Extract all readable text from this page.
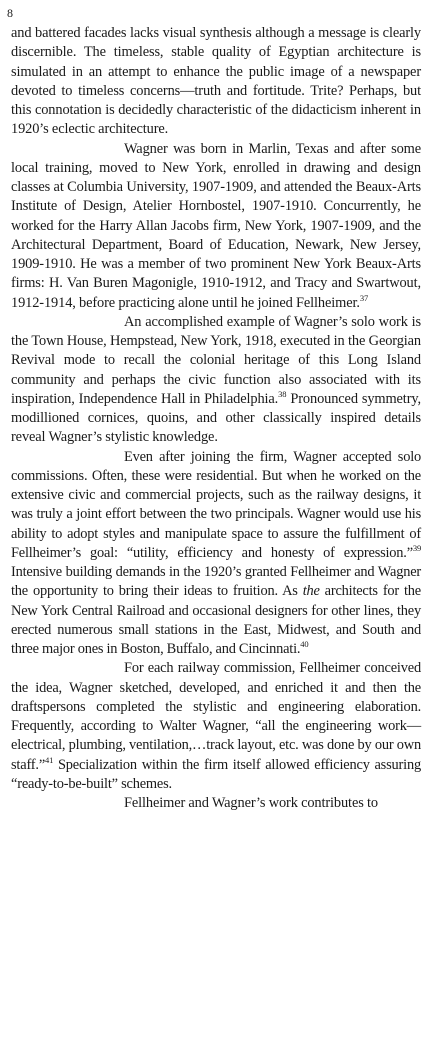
8

and battered facades lacks visual synthesis although a message is clearly discernible. The timeless, stable quality of Egyptian architecture is simulated in an attempt to enhance the public image of a newspaper devoted to timeless concerns—truth and fortitude. Trite? Perhaps, but this connotation is decidedly characteristic of the didacticism inherent in 1920’s eclectic architecture.

Wagner was born in Marlin, Texas and after some local training, moved to New York, enrolled in drawing and design classes at Columbia University, 1907-1909, and attended the Beaux-Arts Institute of Design, Atelier Hornbostel, 1907-1910. Concurrently, he worked for the Harry Allan Jacobs firm, New York, 1907-1909, and the Architectural Department, Board of Education, Newark, New Jersey, 1909-1910. He was a member of two prominent New York Beaux-Arts firms: H. Van Buren Magonigle, 1910-1912, and Tracy and Swartwout, 1912-1914, before practicing alone until he joined Fellheimer.$^{37}$

An accomplished example of Wagner’s solo work is the Town House, Hempstead, New York, 1918, executed in the Georgian Revival mode to recall the colonial heritage of this Long Island community and perhaps the civic function also associated with its inspiration, Independence Hall in Philadelphia.$^{38}$ Pronounced symmetry, modillioned cornices, quoins, and other classically inspired details reveal Wagner’s stylistic knowledge.

Even after joining the firm, Wagner accepted solo commissions. Often, these were residential. But when he worked on the extensive civic and commercial projects, such as the railway designs, it was truly a joint effort between the two principals. Wagner would use his ability to adopt styles and manipulate space to assure the fulfillment of Fellheimer’s goal: “utility, efficiency and honesty of expression.”$^{39}$ Intensive building demands in the 1920’s granted Fellheimer and Wagner the opportunity to bring their ideas to fruition. As the architects for the New York Central Railroad and occasional designers for other lines, they erected numerous small stations in the East, Midwest, and South and three major ones in Boston, Buffalo, and Cincinnati.$^{40}$

For each railway commission, Fellheimer conceived the idea, Wagner sketched, developed, and enriched it and then the draftspersons completed the stylistic and engineering elaboration. Frequently, according to Walter Wagner, “all the engineering work—electrical, plumbing, ventilation,…track layout, etc. was done by our own staff.”$^{41}$ Specialization within the firm itself allowed efficiency assuring “ready-to-be-built” schemes.

Fellheimer and Wagner’s work contributes to
